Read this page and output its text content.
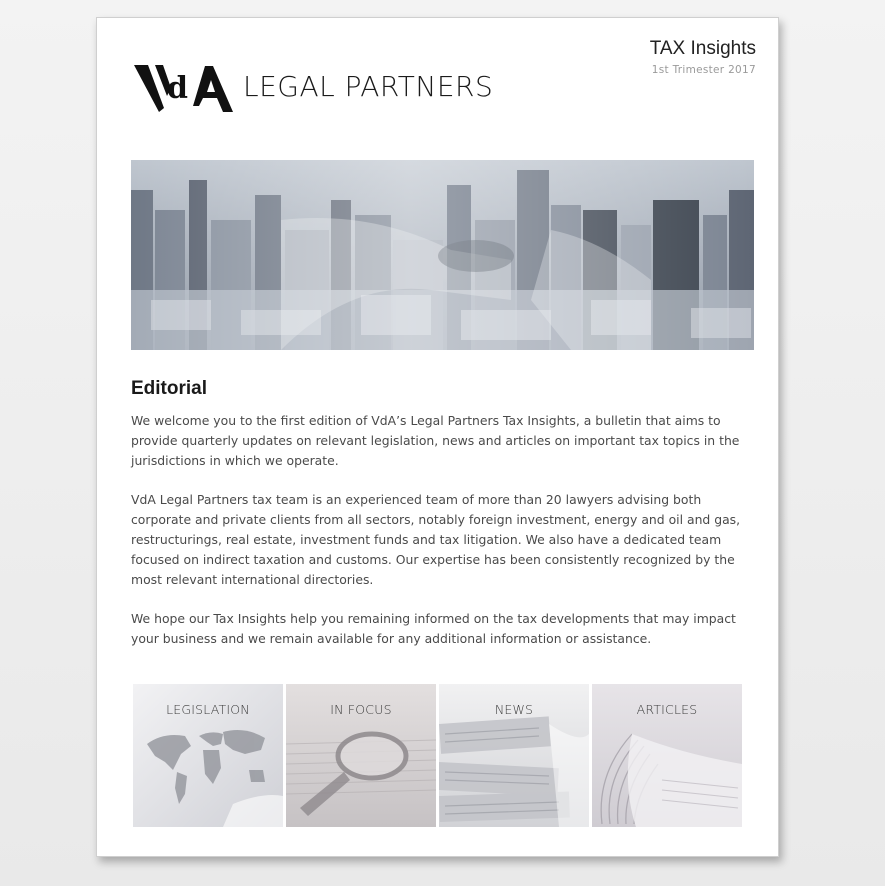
d LEGAL PARTNERS
TAX Insights
1st Trimester 2017
Editorial

We welcome you to the first edition of VdA’s Legal Partners Tax Insights, a bulletin that aims to provide quarterly updates on relevant legislation, news and articles on important tax topics in the jurisdictions in which we operate.

VdA Legal Partners tax team is an experienced team of more than 20 lawyers advising both corporate and private clients from all sectors, notably foreign investment, energy and oil and gas, restructurings, real estate, investment funds and tax litigation. We also have a dedicated team focused on indirect taxation and customs. Our expertise has been consistently recognized by the most relevant international directories.

We hope our Tax Insights help you remaining informed on the tax developments that may impact your business and we remain available for any additional information or assistance.

LEGISLATION	IN FOCUS	NEWS	ARTICLES
